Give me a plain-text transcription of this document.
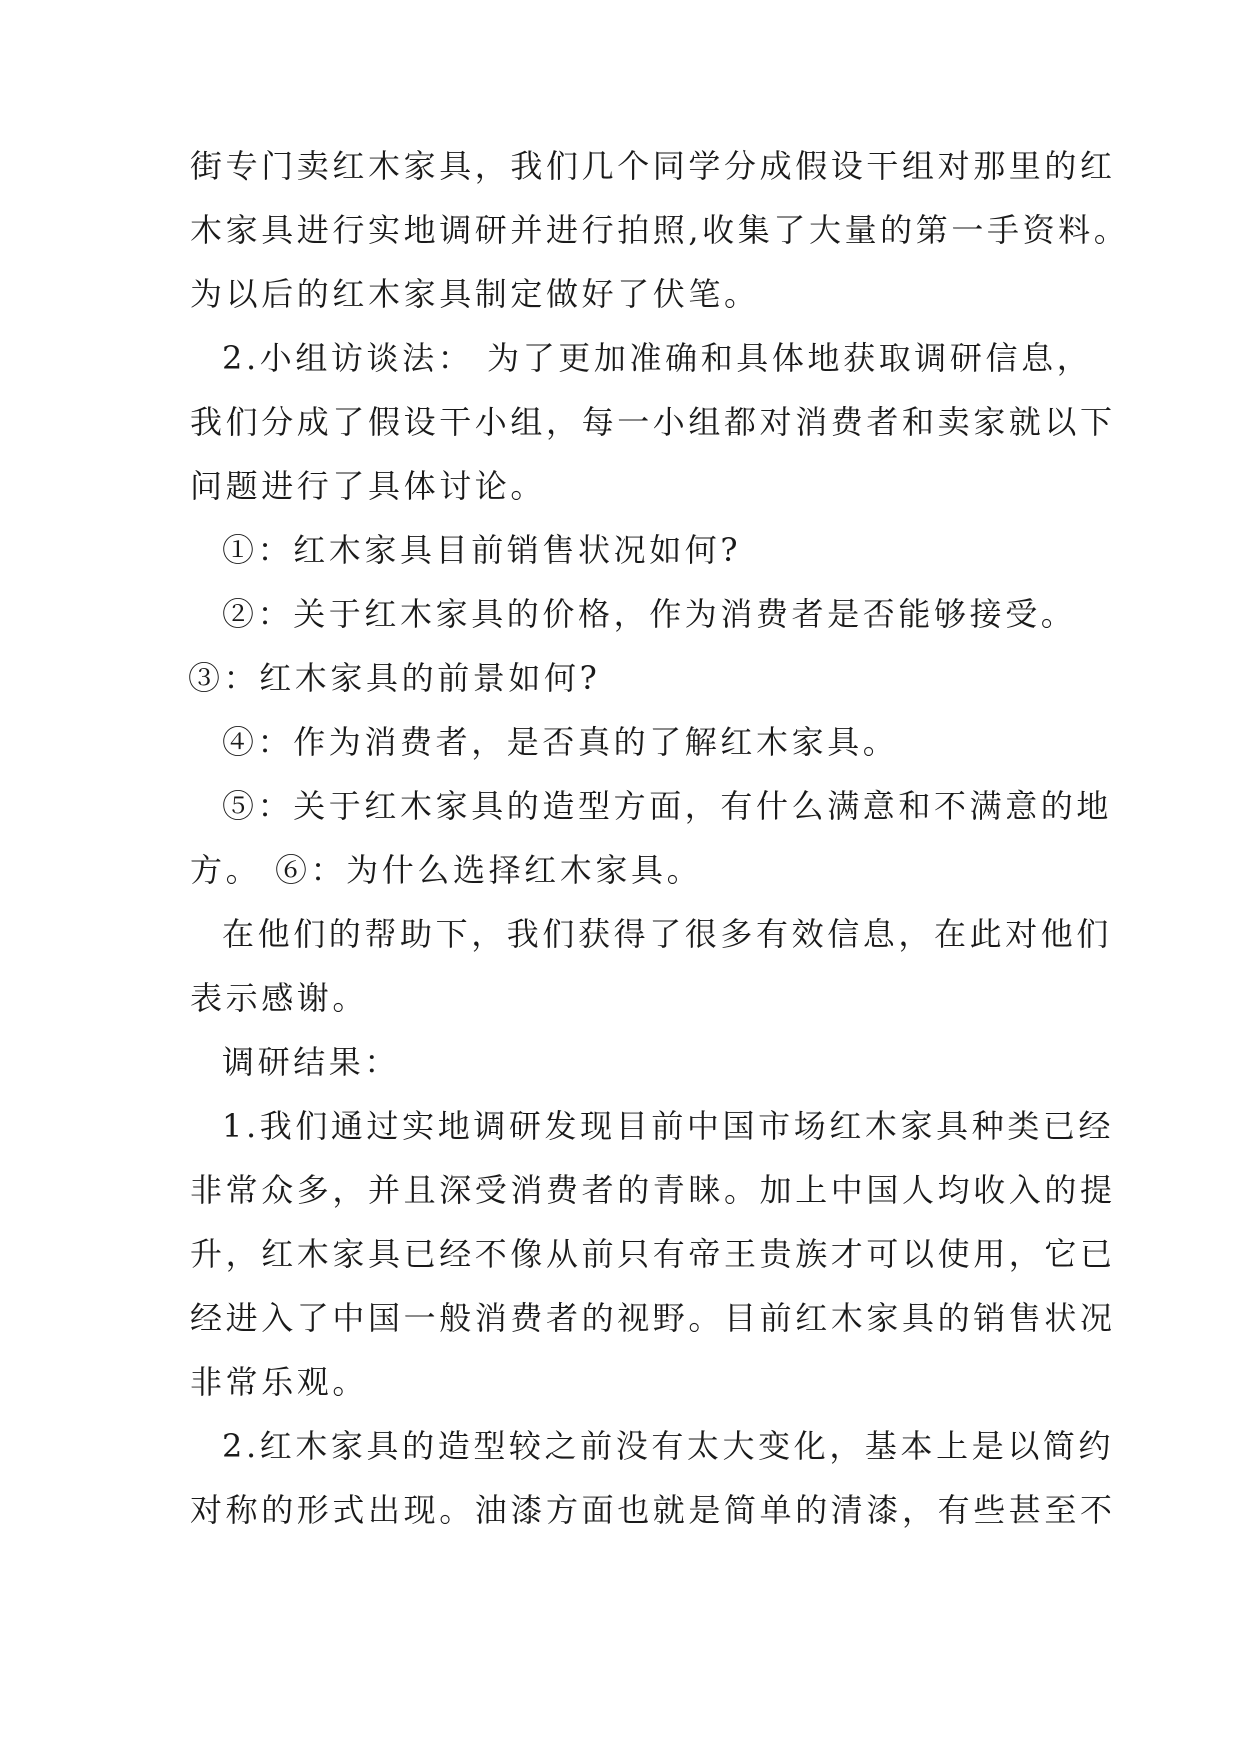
街专门卖红木家具，我们几个同学分成假设干组对那里的红
木家具进行实地调研并进行拍照,收集了大量的第一手资料。
为以后的红木家具制定做好了伏笔。
2.小组访谈法： 为了更加准确和具体地获取调研信息，
我们分成了假设干小组，每一小组都对消费者和卖家就以下
问题进行了具体讨论。
①：红木家具目前销售状况如何?
②：关于红木家具的价格，作为消费者是否能够接受。
③：红木家具的前景如何?
④：作为消费者，是否真的了解红木家具。
⑤：关于红木家具的造型方面，有什么满意和不满意的地
方。 ⑥：为什么选择红木家具。
在他们的帮助下，我们获得了很多有效信息，在此对他们
表示感谢。
调研结果：
1.我们通过实地调研发现目前中国市场红木家具种类已经
非常众多，并且深受消费者的青睐。加上中国人均收入的提
升，红木家具已经不像从前只有帝王贵族才可以使用，它已
经进入了中国一般消费者的视野。目前红木家具的销售状况
非常乐观。
2.红木家具的造型较之前没有太大变化，基本上是以简约
对称的形式出现。油漆方面也就是简单的清漆，有些甚至不
